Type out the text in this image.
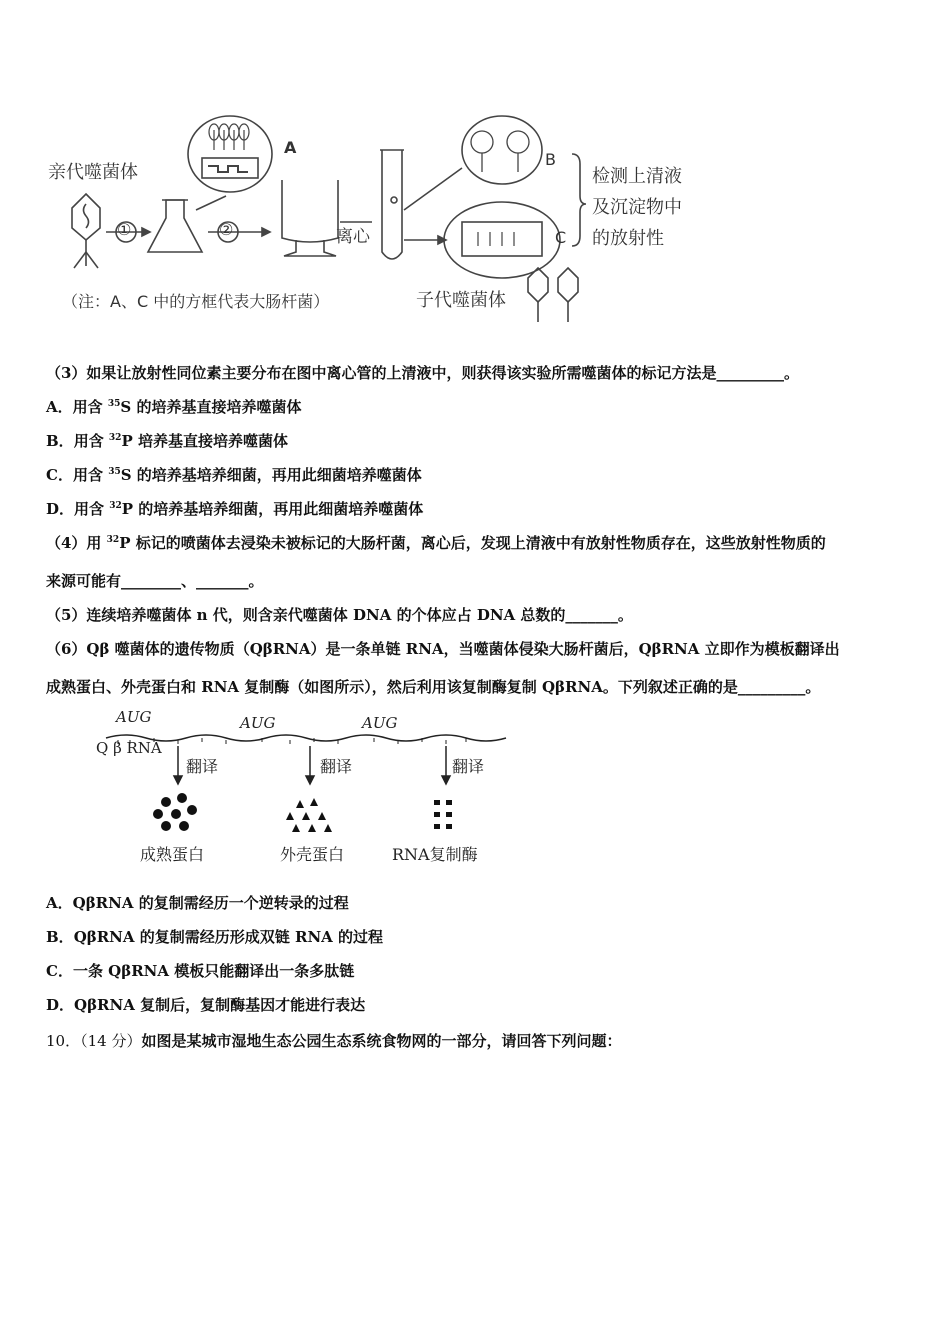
亲代噬菌体
①	②
A
离心
B
C
检测上清液
及沉淀物中
的放射性
（注：A、C 中的方框代表大肠杆菌）	子代噬菌体
（3）如果让放射性同位素主要分布在图中离心管的上清液中，则获得该实验所需噬菌体的标记方法是_________。
A．用含 $^{35}$S 的培养基直接培养噬菌体
B．用含 $^{32}$P 培养基直接培养噬菌体
C．用含 $^{35}$S 的培养基培养细菌，再用此细菌培养噬菌体
D．用含 $^{32}$P 的培养基培养细菌，再用此细菌培养噬菌体
（4）用 $^{32}$P 标记的喷菌体去浸染未被标记的大肠杆菌，离心后，发现上清液中有放射性物质存在，这些放射性物质的
来源可能有________、_______。
（5）连续培养噬菌体 n 代，则含亲代噬菌体 DNA 的个体应占 DNA 总数的_______。
（6）Qβ 噬菌体的遗传物质（QβRNA）是一条单链 RNA，当噬菌体侵染大肠杆菌后，QβRNA 立即作为模板翻译出
成熟蛋白、外壳蛋白和 RNA 复制酶（如图所示），然后利用该复制酶复制 QβRNA。下列叙述正确的是_________。
AUG	AUG	AUG
Q β RNA
翻译	翻译	翻译
成熟蛋白	外壳蛋白	RNA复制酶
A．QβRNA 的复制需经历一个逆转录的过程
B．QβRNA 的复制需经历形成双链 RNA 的过程
C．一条 QβRNA 模板只能翻译出一条多肽链
D．QβRNA 复制后，复制酶基因才能进行表达
10．（14 分）如图是某城市湿地生态公园生态系统食物网的一部分，请回答下列问题：
